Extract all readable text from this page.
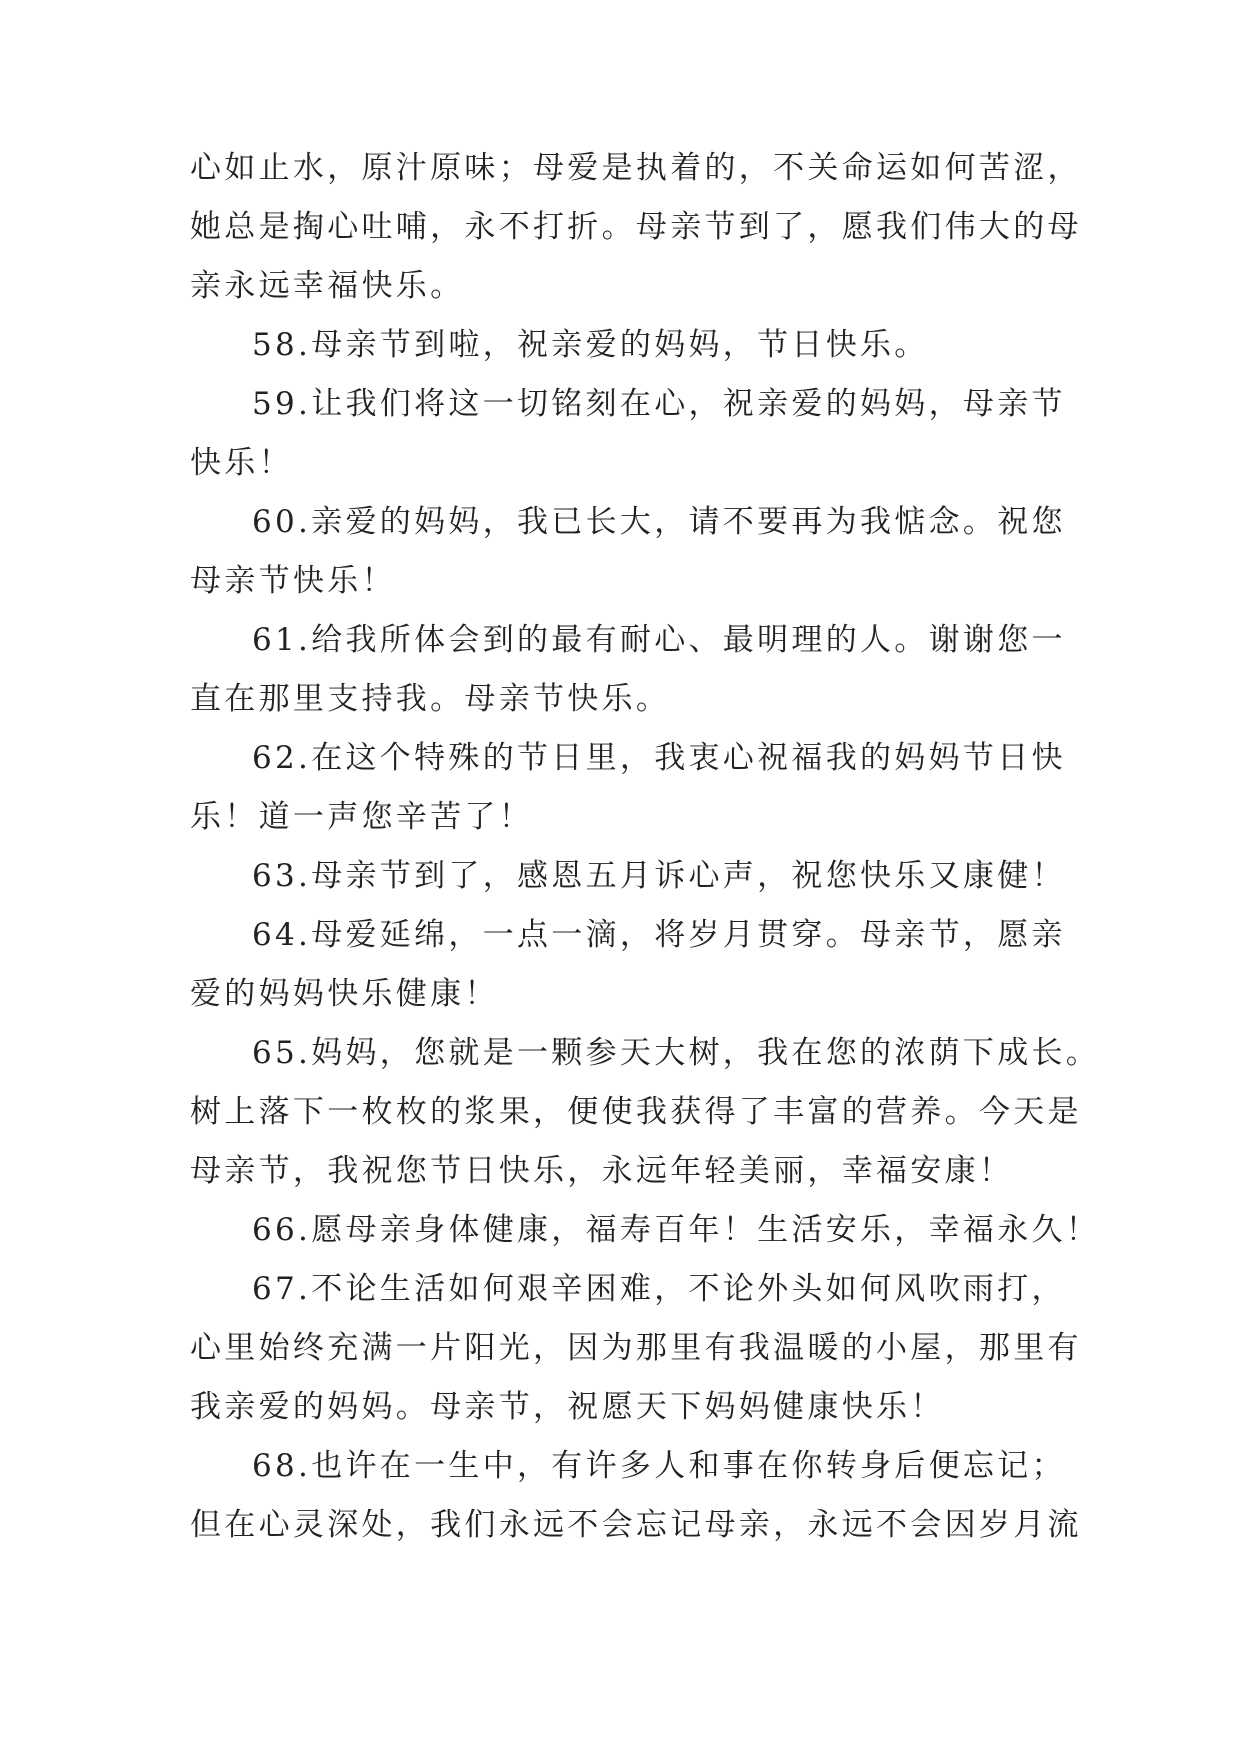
心如止水，原汁原味；母爱是执着的，不关命运如何苦涩，
她总是掏心吐哺，永不打折。母亲节到了，愿我们伟大的母
亲永远幸福快乐。
58.母亲节到啦，祝亲爱的妈妈，节日快乐。
59.让我们将这一切铭刻在心，祝亲爱的妈妈，母亲节
快乐！
60.亲爱的妈妈，我已长大，请不要再为我惦念。祝您
母亲节快乐！
61.给我所体会到的最有耐心、最明理的人。谢谢您一
直在那里支持我。母亲节快乐。
62.在这个特殊的节日里，我衷心祝福我的妈妈节日快
乐！道一声您辛苦了！
63.母亲节到了，感恩五月诉心声，祝您快乐又康健！
64.母爱延绵，一点一滴，将岁月贯穿。母亲节，愿亲
爱的妈妈快乐健康！
65.妈妈，您就是一颗参天大树，我在您的浓荫下成长。
树上落下一枚枚的浆果，便使我获得了丰富的营养。今天是
母亲节，我祝您节日快乐，永远年轻美丽，幸福安康！
66.愿母亲身体健康，福寿百年！生活安乐，幸福永久！
67.不论生活如何艰辛困难，不论外头如何风吹雨打，
心里始终充满一片阳光，因为那里有我温暖的小屋，那里有
我亲爱的妈妈。母亲节，祝愿天下妈妈健康快乐！
68.也许在一生中，有许多人和事在你转身后便忘记；
但在心灵深处，我们永远不会忘记母亲，永远不会因岁月流
